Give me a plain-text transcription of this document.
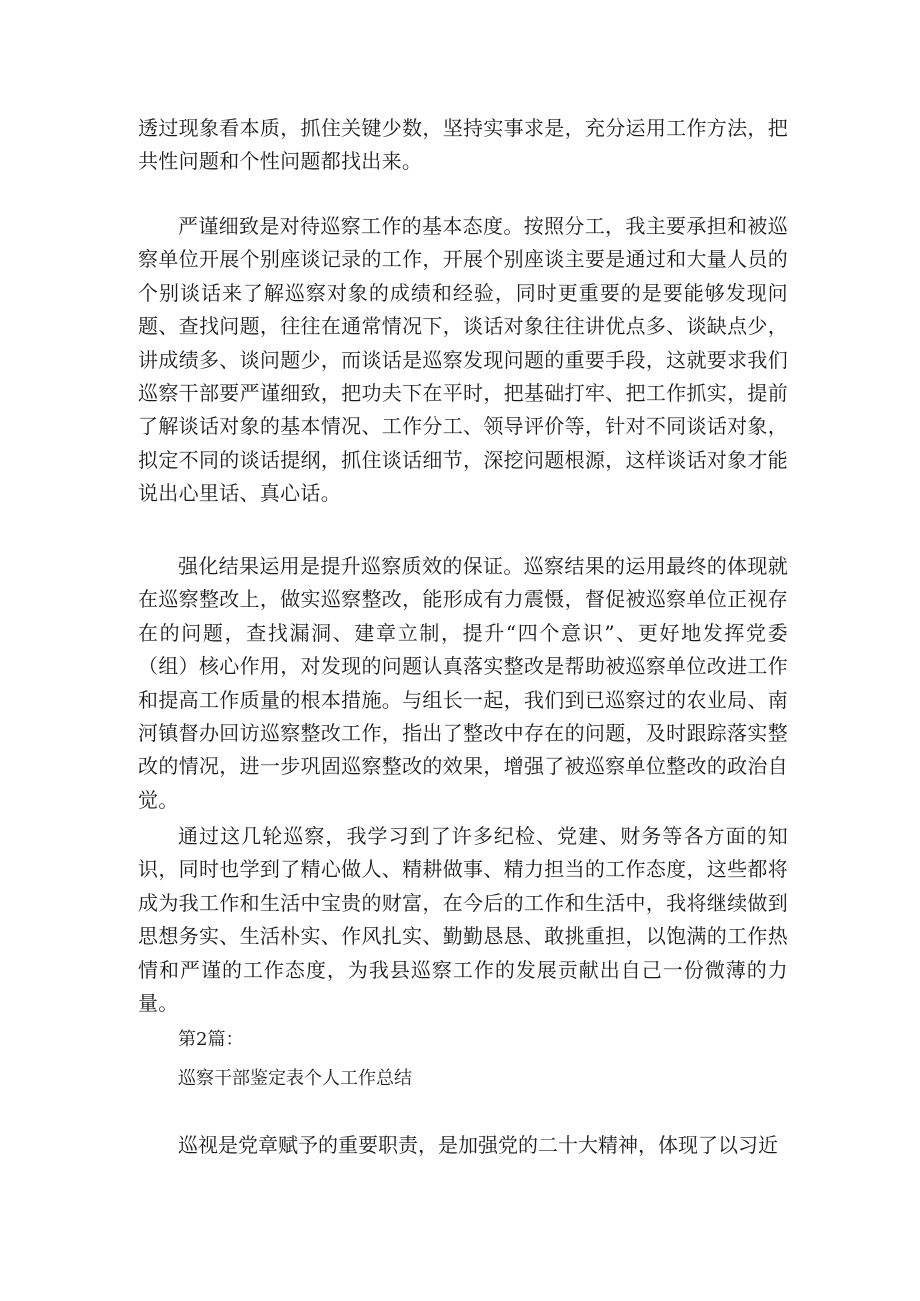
透过现象看本质，抓住关键少数，坚持实事求是，充分运用工作方法，把共性问题和个性问题都找出来。

严谨细致是对待巡察工作的基本态度。按照分工，我主要承担和被巡察单位开展个别座谈记录的工作，开展个别座谈主要是通过和大量人员的个别谈话来了解巡察对象的成绩和经验，同时更重要的是要能够发现问题、查找问题，往往在通常情况下，谈话对象往往讲优点多、谈缺点少，讲成绩多、谈问题少，而谈话是巡察发现问题的重要手段，这就要求我们巡察干部要严谨细致，把功夫下在平时，把基础打牢、把工作抓实，提前了解谈话对象的基本情况、工作分工、领导评价等，针对不同谈话对象，拟定不同的谈话提纲，抓住谈话细节，深挖问题根源，这样谈话对象才能说出心里话、真心话。

强化结果运用是提升巡察质效的保证。巡察结果的运用最终的体现就在巡察整改上，做实巡察整改，能形成有力震慑，督促被巡察单位正视存在的问题，查找漏洞、建章立制，提升“四个意识”、更好地发挥党委（组）核心作用，对发现的问题认真落实整改是帮助被巡察单位改进工作和提高工作质量的根本措施。与组长一起，我们到已巡察过的农业局、南河镇督办回访巡察整改工作，指出了整改中存在的问题，及时跟踪落实整改的情况，进一步巩固巡察整改的效果，增强了被巡察单位整改的政治自觉。

通过这几轮巡察，我学习到了许多纪检、党建、财务等各方面的知识，同时也学到了精心做人、精耕做事、精力担当的工作态度，这些都将成为我工作和生活中宝贵的财富，在今后的工作和生活中，我将继续做到思想务实、生活朴实、作风扎实、勤勤恳恳、敢挑重担，以饱满的工作热情和严谨的工作态度，为我县巡察工作的发展贡献出自己一份微薄的力量。

第2篇：

巡察干部鉴定表个人工作总结

巡视是党章赋予的重要职责，是加强党的二十大精神，体现了以习近
